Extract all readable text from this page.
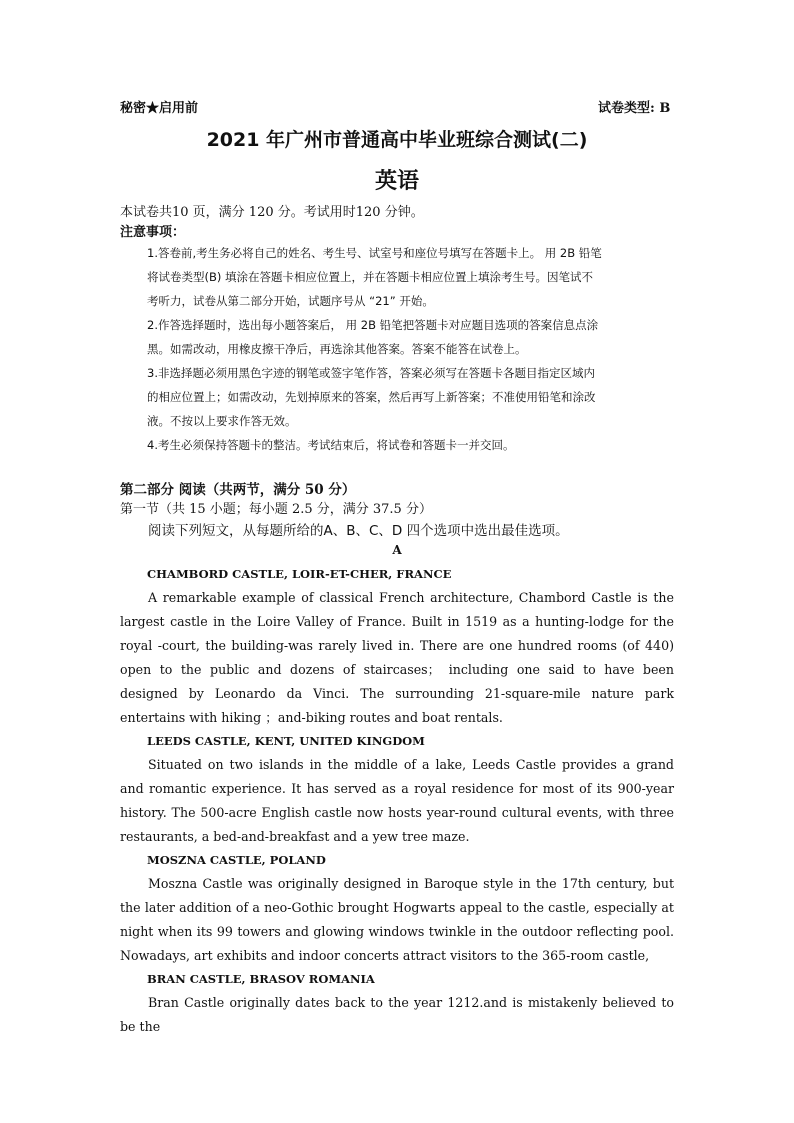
秘密★启用前	试卷类型: B
2021 年广州市普通高中毕业班综合测试(二)
英语
本试卷共10 页，满分 120 分。考试用时120 分钟。
注意事项：
1.答卷前,考生务必将自己的姓名、考生号、试室号和座位号填写在答题卡上。 用 2B 铅笔
将试卷类型(B) 填涂在答题卡相应位置上，并在答题卡相应位置上填涂考生号。因笔试不
考听力，试卷从第二部分开始，试题序号从 “21” 开始。
2.作答选择题时，选出每小题答案后， 用 2B 铅笔把答题卡对应题目选项的答案信息点涂
黑。如需改动，用橡皮擦干净后，再选涂其他答案。答案不能答在试卷上。
3.非选择题必须用黑色字迹的钢笔或签字笔作答，答案必须写在答题卡各题目指定区域内
的相应位置上；如需改动，先划掉原来的答案，然后再写上新答案；不准使用铅笔和涂改
液。不按以上要求作答无效。
4.考生必须保持答题卡的整洁。考试结束后，将试卷和答题卡一并交回。
第二部分 阅读（共两节，满分 50 分）
第一节（共 15 小题；每小题 2.5 分，满分 37.5 分）
阅读下列短文，从每题所给的A、B、C、D 四个选项中选出最佳选项。
A
CHAMBORD CASTLE, LOIR-ET-CHER, FRANCE
A remarkable example of classical French architecture, Chambord Castle is the largest castle in the Loire Valley of France. Built in 1519 as a hunting-lodge for the royal -court, the building-was rarely lived in. There are one hundred rooms (of 440) open to the public and dozens of staircases； including one said to have been designed by Leonardo da Vinci. The surrounding 21-square-mile nature park entertains with hiking ；and-biking routes and boat rentals.
LEEDS CASTLE, KENT, UNITED KINGDOM
Situated on two islands in the middle of a lake, Leeds Castle provides a grand and romantic experience. It has served as a royal residence for most of its 900-year history. The 500-acre English castle now hosts year-round cultural events, with three restaurants, a bed-and-breakfast and a yew tree maze.
MOSZNA CASTLE, POLAND
Moszna Castle was originally designed in Baroque style in the 17th century, but the later addition of a neo-Gothic brought Hogwarts appeal to the castle, especially at night when its 99 towers and glowing windows twinkle in the outdoor reflecting pool. Nowadays, art exhibits and indoor concerts attract visitors to the 365-room castle,
BRAN CASTLE, BRASOV ROMANIA
Bran Castle originally dates back to the year 1212.and is mistakenly believed to be the
